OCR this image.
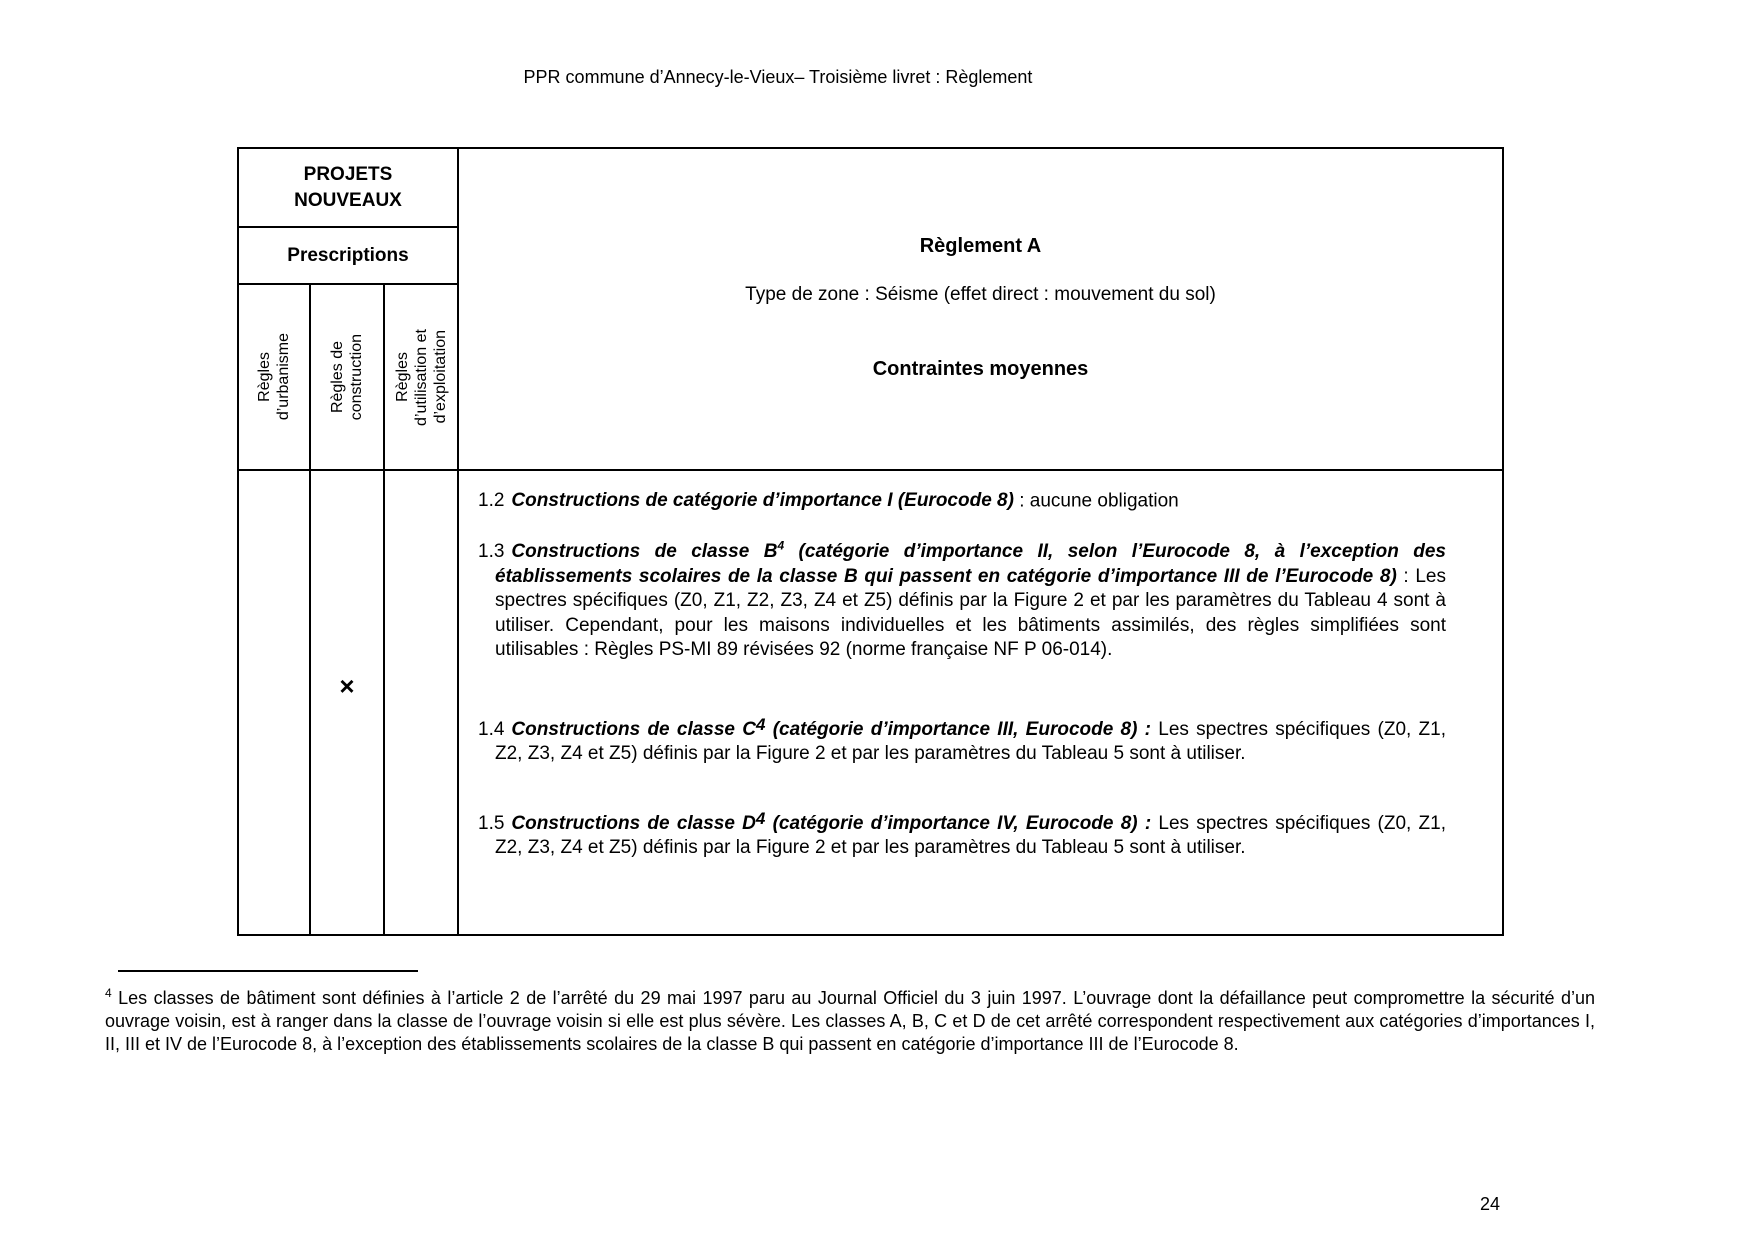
PPR commune d’Annecy-le-Vieux– Troisième livret : Règlement
PROJETS NOUVEAUX
Prescriptions
Règles d’urbanisme Règles de construction Règles d’utilisation et d’exploitation
Règlement A
Type de zone : Séisme (effet direct : mouvement du sol)
Contraintes moyennes
×
1.2 Constructions de catégorie d’importance I (Eurocode 8) : aucune obligation
1.3 Constructions de classe $B^4$ (catégorie d’importance II, selon l’Eurocode 8, à l’exception des établissements scolaires de la classe B qui passent en catégorie d’importance III de l’Eurocode 8) : Les spectres spécifiques (Z0, Z1, Z2, Z3, Z4 et Z5) définis par la Figure 2 et par les paramètres du Tableau 4 sont à utiliser. Cependant, pour les maisons individuelles et les bâtiments assimilés, des règles simplifiées sont utilisables : Règles PS-MI 89 révisées 92 (norme française NF P 06-014).
1.4 Constructions de classe $C^4$ (catégorie d’importance III, Eurocode 8) : Les spectres spécifiques (Z0, Z1, Z2, Z3, Z4 et Z5) définis par la Figure 2 et par les paramètres du Tableau 5 sont à utiliser.
1.5 Constructions de classe $D^4$ (catégorie d’importance IV, Eurocode 8) : Les spectres spécifiques (Z0, Z1, Z2, Z3, Z4 et Z5) définis par la Figure 2 et par les paramètres du Tableau 5 sont à utiliser.
$^4$ Les classes de bâtiment sont définies à l’article 2 de l’arrêté du 29 mai 1997 paru au Journal Officiel du 3 juin 1997. L’ouvrage dont la défaillance peut compromettre la sécurité d’un ouvrage voisin, est à ranger dans la classe de l’ouvrage voisin si elle est plus sévère. Les classes A, B, C et D de cet arrêté correspondent respectivement aux catégories d’importances I, II, III et IV de l’Eurocode 8, à l’exception des établissements scolaires de la classe B qui passent en catégorie d’importance III de l’Eurocode 8.
24
